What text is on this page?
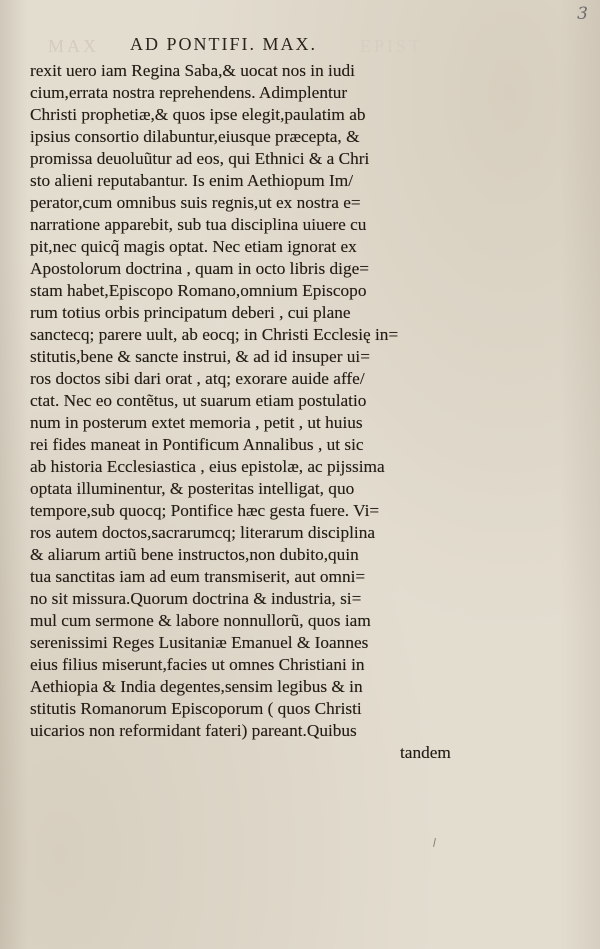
3
MAX AD PONTIFI. MAX. EPIST
rexit uero iam Regina Saba,& uocat nos in iudi
cium,errata nostra reprehendens. Adimplentur
Christi prophetiæ,& quos ipse elegit,paulatim ab
ipsius consortio dilabuntur,eiusque præcepta, &
promissa deuoluũtur ad eos, qui Ethnici & a Chri
sto alieni reputabantur. Is enim Aethiopum Im/
perator,cum omnibus suis regnis,ut ex nostra e=
narratione apparebit, sub tua disciplina uiuere cu
pit,nec quicq̃ magis optat. Nec etiam ignorat ex
Apostolorum doctrina , quam in octo libris dige=
stam habet,Episcopo Romano,omnium Episcopo
rum totius orbis principatum deberi , cui plane
sanctecq; parere uult, ab eocq; in Christi Ecclesię in=
stitutis,bene & sancte instrui, & ad id insuper ui=
ros doctos sibi dari orat , atq; exorare auide affe/
ctat. Nec eo contẽtus, ut suarum etiam postulatio
num in posterum extet memoria , petit , ut huius
rei fides maneat in Pontificum Annalibus , ut sic
ab historia Ecclesiastica , eius epistolæ, ac pijssima
optata illuminentur, & posteritas intelligat, quo
tempore,sub quocq; Pontifice hæc gesta fuere. Vi=
ros autem doctos,sacrarumcq; literarum disciplina
& aliarum artiũ bene instructos,non dubito,quin
tua sanctitas iam ad eum transmiserit, aut omni=
no sit missura.Quorum doctrina & industria, si=
mul cum sermone & labore nonnullorũ, quos iam
serenissimi Reges Lusitaniæ Emanuel & Ioannes
eius filius miserunt,facies ut omnes Christiani in
Aethiopia & India degentes,sensim legibus & in
stitutis Romanorum Episcoporum ( quos Christi
uicarios non reformidant fateri) pareant.Quibus
tandem
